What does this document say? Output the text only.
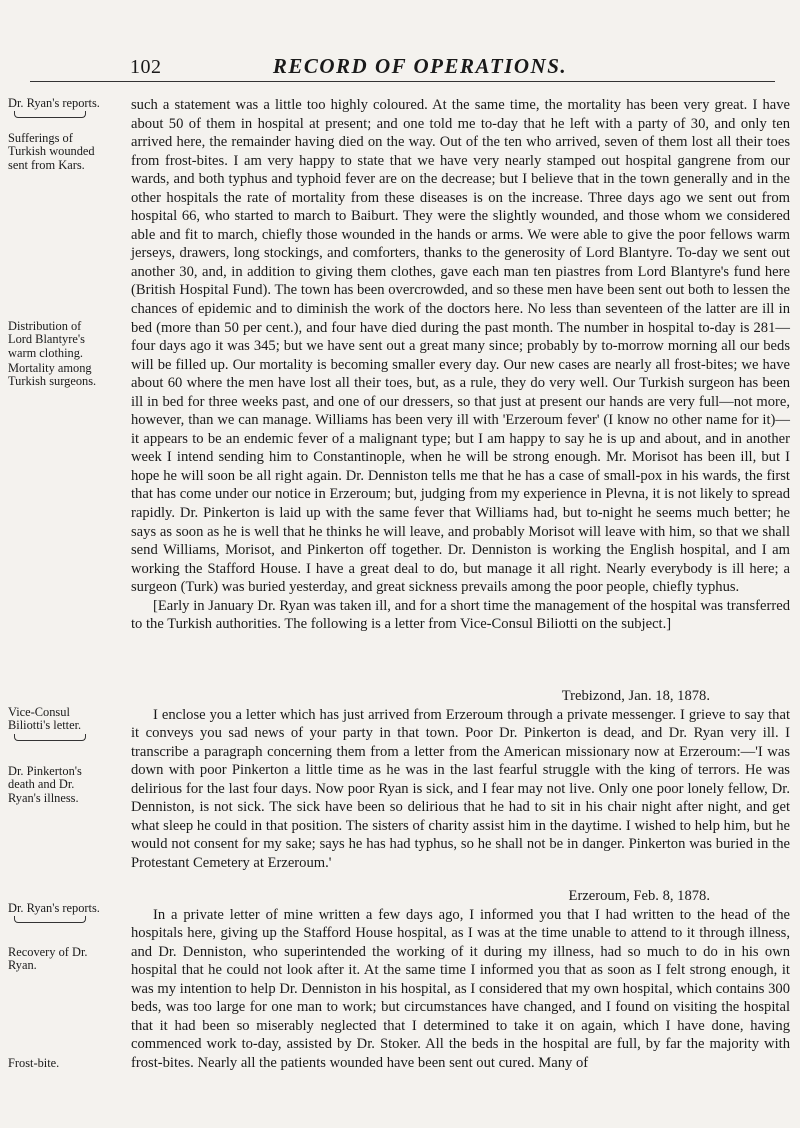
102	RECORD OF OPERATIONS.
Dr. Ryan's reports.
Sufferings of Turkish wounded sent from Kars.
Distribution of Lord Blantyre's warm clothing.
Mortality among Turkish surgeons.
Vice-Consul Biliotti's letter.
Dr. Pinkerton's death and Dr. Ryan's illness.
Dr. Ryan's reports.
Recovery of Dr. Ryan.
Frost-bite.

such a statement was a little too highly coloured. At the same time, the mortality has been very great. I have about 50 of them in hospital at present; and one told me to-day that he left with a party of 30, and only ten arrived here, the remainder having died on the way. Out of the ten who arrived, seven of them lost all their toes from frost-bites. I am very happy to state that we have very nearly stamped out hospital gangrene from our wards, and both typhus and typhoid fever are on the decrease; but I believe that in the town generally and in the other hospitals the rate of mortality from these diseases is on the increase. Three days ago we sent out from hospital 66, who started to march to Baiburt. They were the slightly wounded, and those whom we considered able and fit to march, chiefly those wounded in the hands or arms. We were able to give the poor fellows warm jerseys, drawers, long stockings, and comforters, thanks to the generosity of Lord Blantyre. To-day we sent out another 30, and, in addition to giving them clothes, gave each man ten piastres from Lord Blantyre's fund here (British Hospital Fund). The town has been overcrowded, and so these men have been sent out both to lessen the chances of epidemic and to diminish the work of the doctors here. No less than seventeen of the latter are ill in bed (more than 50 per cent.), and four have died during the past month. The number in hospital to-day is 281—four days ago it was 345; but we have sent out a great many since; probably by to-morrow morning all our beds will be filled up. Our mortality is becoming smaller every day. Our new cases are nearly all frost-bites; we have about 60 where the men have lost all their toes, but, as a rule, they do very well. Our Turkish surgeon has been ill in bed for three weeks past, and one of our dressers, so that just at present our hands are very full—not more, however, than we can manage. Williams has been very ill with 'Erzeroum fever' (I know no other name for it)—it appears to be an endemic fever of a malignant type; but I am happy to say he is up and about, and in another week I intend sending him to Constantinople, when he will be strong enough. Mr. Morisot has been ill, but I hope he will soon be all right again. Dr. Denniston tells me that he has a case of small-pox in his wards, the first that has come under our notice in Erzeroum; but, judging from my experience in Plevna, it is not likely to spread rapidly. Dr. Pinkerton is laid up with the same fever that Williams had, but to-night he seems much better; he says as soon as he is well that he thinks he will leave, and probably Morisot will leave with him, so that we shall send Williams, Morisot, and Pinkerton off together. Dr. Denniston is working the English hospital, and I am working the Stafford House. I have a great deal to do, but manage it all right. Nearly everybody is ill here; a surgeon (Turk) was buried yesterday, and great sickness prevails among the poor people, chiefly typhus.

[Early in January Dr. Ryan was taken ill, and for a short time the management of the hospital was transferred to the Turkish authorities. The following is a letter from Vice-Consul Biliotti on the subject.]

Trebizond, Jan. 18, 1878.

I enclose you a letter which has just arrived from Erzeroum through a private messenger. I grieve to say that it conveys you sad news of your party in that town. Poor Dr. Pinkerton is dead, and Dr. Ryan very ill. I transcribe a paragraph concerning them from a letter from the American missionary now at Erzeroum:—'I was down with poor Pinkerton a little time as he was in the last fearful struggle with the king of terrors. He was delirious for the last four days. Now poor Ryan is sick, and I fear may not live. Only one poor lonely fellow, Dr. Denniston, is not sick. The sick have been so delirious that he had to sit in his chair night after night, and get what sleep he could in that position. The sisters of charity assist him in the daytime. I wished to help him, but he would not consent for my sake; says he has had typhus, so he shall not be in danger. Pinkerton was buried in the Protestant Cemetery at Erzeroum.'

Erzeroum, Feb. 8, 1878.

In a private letter of mine written a few days ago, I informed you that I had written to the head of the hospitals here, giving up the Stafford House hospital, as I was at the time unable to attend to it through illness, and Dr. Denniston, who superintended the working of it during my illness, had so much to do in his own hospital that he could not look after it. At the same time I informed you that as soon as I felt strong enough, it was my intention to help Dr. Denniston in his hospital, as I considered that my own hospital, which contains 300 beds, was too large for one man to work; but circumstances have changed, and I found on visiting the hospital that it had been so miserably neglected that I determined to take it on again, which I have done, having commenced work to-day, assisted by Dr. Stoker. All the beds in the hospital are full, by far the majority with frost-bites. Nearly all the patients wounded have been sent out cured. Many of
